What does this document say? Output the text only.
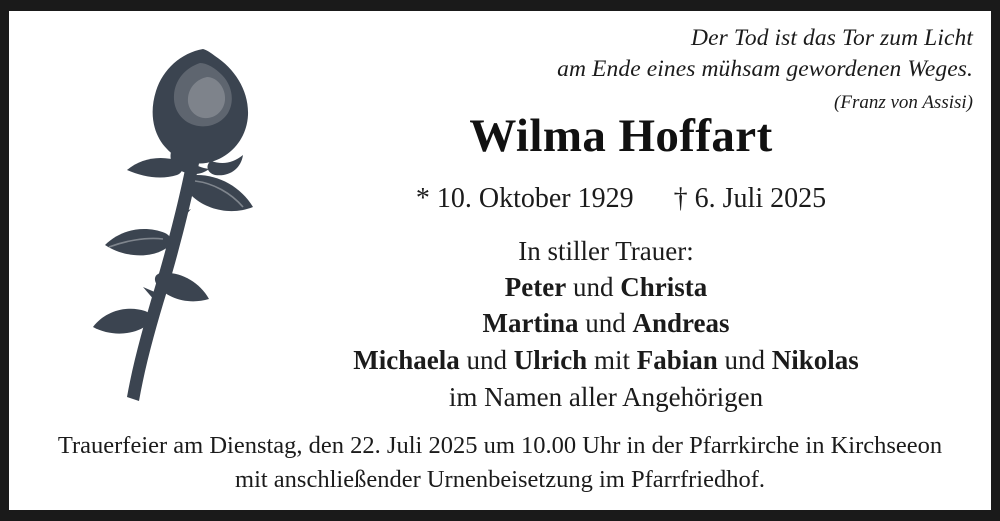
Der Tod ist das Tor zum Licht
am Ende eines mühsam gewordenen Weges.
(Franz von Assisi)
Wilma Hoffart
* 10. Oktober 1929 † 6. Juli 2025
In stiller Trauer:
Peter und Christa
Martina und Andreas
Michaela und Ulrich mit Fabian und Nikolas
im Namen aller Angehörigen
Trauerfeier am Dienstag, den 22. Juli 2025 um 10.00 Uhr in der Pfarrkirche in Kirchseeon
mit anschließender Urnenbeisetzung im Pfarrfriedhof.
